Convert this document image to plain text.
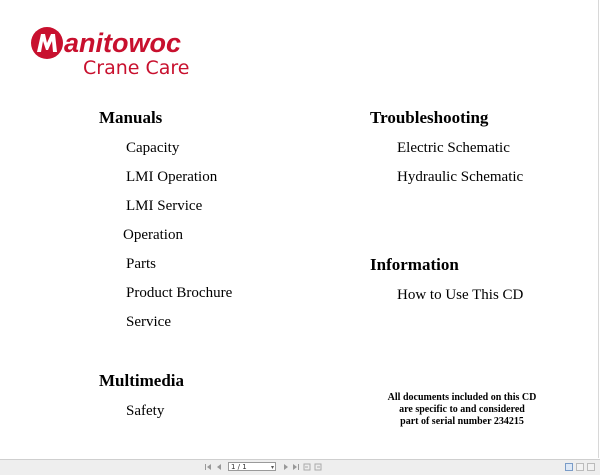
anitowoc
Crane Care
Manuals
Capacity
LMI Operation
LMI Service
Operation
Parts
Product Brochure
Service
Multimedia
Safety
Troubleshooting
Electric Schematic
Hydraulic Schematic
Information
How to Use This CD
All documents included on this CD
are specific to and considered
part of serial number 234215
1 / 1	▾
